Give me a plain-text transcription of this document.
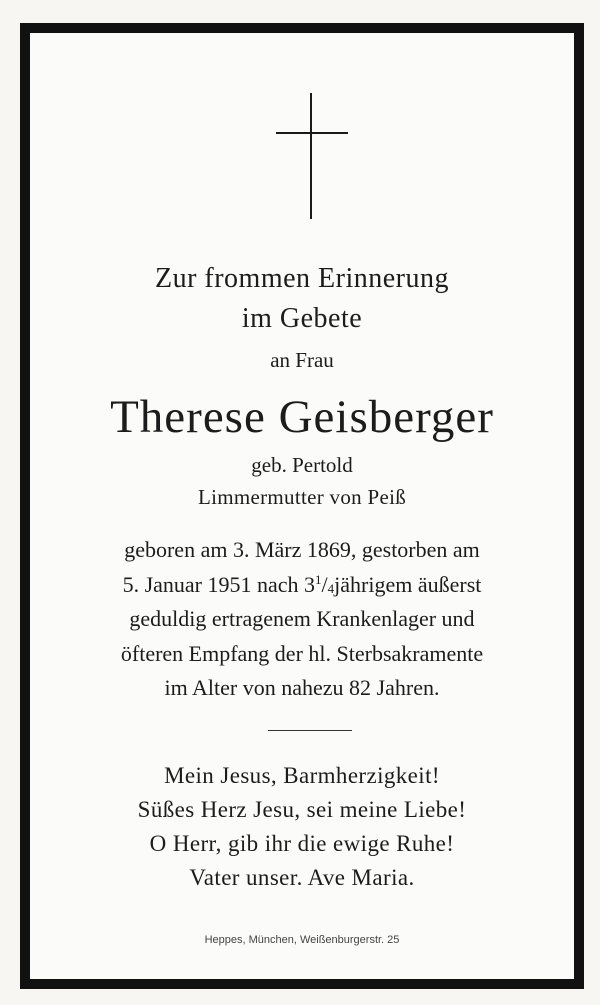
Zur frommen Erinnerung
im Gebete
an Frau
Therese Geisberger
geb. Pertold
Limmermutter von Peiß
geboren am 3. März 1869, gestorben am
5. Januar 1951 nach $3^1/_4jährigem$ äußerst
geduldig ertragenem Krankenlager und
öfteren Empfang der hl. Sterbsakramente
im Alter von nahezu 82 Jahren.
Mein Jesus, Barmherzigkeit!
Süßes Herz Jesu, sei meine Liebe!
O Herr, gib ihr die ewige Ruhe!
Vater unser. Ave Maria.
Heppes, München, Weißenburgerstr. 25
